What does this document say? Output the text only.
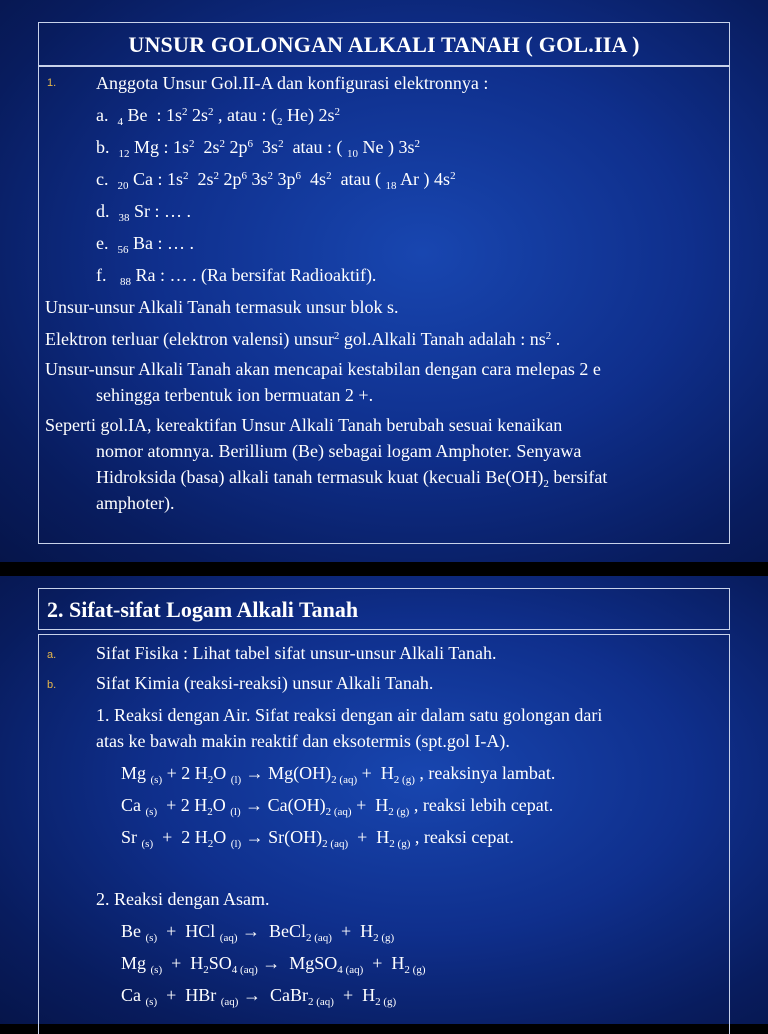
UNSUR GOLONGAN ALKALI TANAH ( GOL.IIA )
1. Anggota Unsur Gol.II-A dan konfigurasi elektronnya :
a. $_4$ Be  : $1s^2$ $2s^2$ , atau : ($_2$ He) $2s^2$
b. $_{12}$ Mg : $1s^2$ $2s^2$ $2p^6$ $3s^2$ atau : ( $_{10}$ Ne ) $3s^2$
c. $_{20}$ Ca : $1s^2$ $2s^2$ $2p^6$ $3s^2$ $3p^6$ $4s^2$ atau ( $_{18}$ Ar ) $4s^2$
d. $_{38}$ Sr : … .
e. $_{56}$ Ba : … .
f. $_{88}$ Ra : … . (Ra bersifat Radioaktif).
Unsur-unsur Alkali Tanah termasuk unsur blok s.
Elektron terluar (elektron valensi) unsur$^2$ gol.Alkali Tanah adalah : $ns^2$ .
Unsur-unsur Alkali Tanah akan mencapai kestabilan dengan cara melepas 2 e
sehingga terbentuk ion bermuatan 2 +.
Seperti gol.IA, kereaktifan Unsur Alkali Tanah berubah sesuai kenaikan
nomor atomnya. Berillium (Be) sebagai logam Amphoter. Senyawa
Hidroksida (basa) alkali tanah termasuk kuat (kecuali $Be(OH)_2$ bersifat
amphoter).
2. Sifat-sifat Logam Alkali Tanah
a. Sifat Fisika : Lihat tabel sifat unsur-unsur Alkali Tanah.
b. Sifat Kimia (reaksi-reaksi) unsur Alkali Tanah.
1. Reaksi dengan Air. Sifat reaksi dengan air dalam satu golongan dari
atas ke bawah makin reaktif dan eksotermis (spt.gol I-A).
Mg $_{(s)}$ + 2 $H_2O$ $_{(l)} \to Mg(OH)_{2 (aq)} + H_{2 (g)}$ , reaksinya lambat.
Ca $_{(s)}$  + 2 $H_2O$ $_{(l)} \to Ca(OH)_{2 (aq)} + H_{2 (g)}$ , reaksi lebih cepat.
Sr $_{(s)}$  +  2 $H_2O$ $_{(l)} \to Sr(OH)_{2 (aq)} + H_{2 (g)}$ , reaksi cepat.
2. Reaksi dengan Asam.
Be $_{(s)}$  +  HCl $_{(aq)}$ →  BeCl$_{2 (aq)}$  +  $H_{2 (g)}$
Mg $_{(s)} + H_2SO_{4 (aq)}$ →  MgSO$_{4 (aq)}$  +  $H_{2 (g)}$
Ca $_{(s)}$  +  HBr $_{(aq)}$ →  CaBr$_{2 (aq)}$  +  $H_{2 (g)}$
